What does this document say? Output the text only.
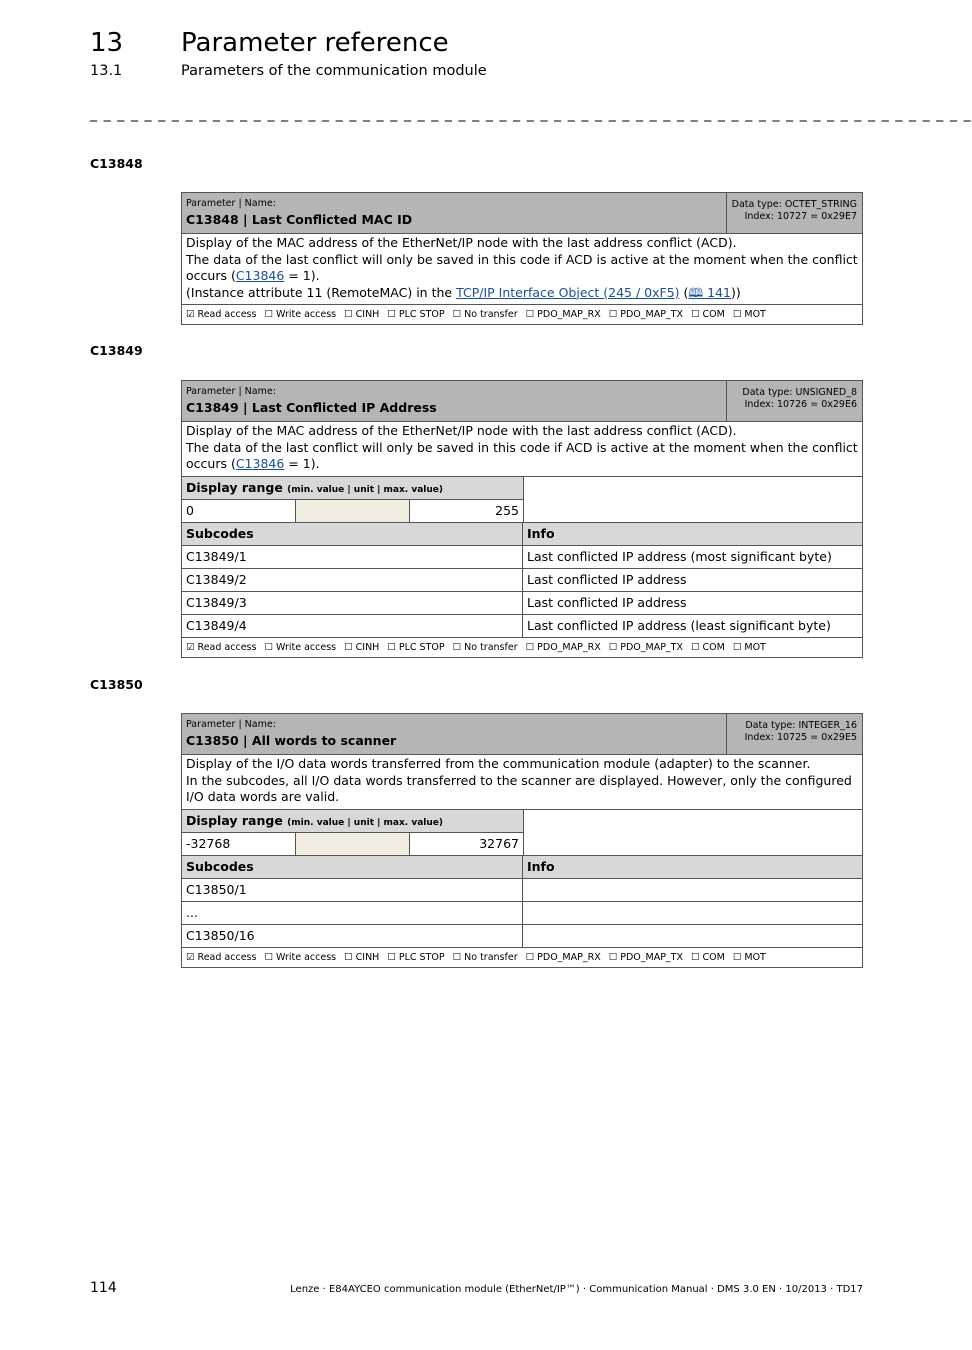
13 Parameter reference
13.1	Parameters of the communication module
_ _ _ _ _ _ _ _ _ _ _ _ _ _ _ _ _ _ _ _ _ _ _ _ _ _ _ _ _ _ _ _ _ _ _ _ _ _ _ _ _ _ _ _ _ _ _ _ _ _ _ _ _ _ _ _ _ _ _ _ _ _ _ _ _
C13848
Parameter | Name:
C13848 | Last Conflicted MAC ID
Data type: OCTET_STRING
Index: 10727 = 0x29E7

Display of the MAC address of the EtherNet/IP node with the last address conflict (ACD).

The data of the last conflict will only be saved in this code if ACD is active at the moment when the conflict occurs (C13846 = 1).

(Instance attribute 11 (RemoteMAC) in the TCP/IP Interface Object (245 / 0xF5) (🕮 141))

☑ Read access ☐ Write access ☐ CINH ☐ PLC STOP ☐ No transfer ☐ PDO_MAP_RX ☐ PDO_MAP_TX ☐ COM ☐ MOT
C13849
Parameter | Name:
C13849 | Last Conflicted IP Address
Data type: UNSIGNED_8
Index: 10726 = 0x29E6

Display of the MAC address of the EtherNet/IP node with the last address conflict (ACD).

The data of the last conflict will only be saved in this code if ACD is active at the moment when the conflict occurs (C13846 = 1).

Display range (min. value | unit | max. value)
0	255
Subcodes	Info
C13849/1	Last conflicted IP address (most significant byte)
C13849/2	Last conflicted IP address
C13849/3	Last conflicted IP address
C13849/4	Last conflicted IP address (least significant byte)
☑ Read access ☐ Write access ☐ CINH ☐ PLC STOP ☐ No transfer ☐ PDO_MAP_RX ☐ PDO_MAP_TX ☐ COM ☐ MOT
C13850
Parameter | Name:
C13850 | All words to scanner
Data type: INTEGER_16
Index: 10725 = 0x29E5

Display of the I/O data words transferred from the communication module (adapter) to the scanner.

In the subcodes, all I/O data words transferred to the scanner are displayed. However, only the configured I/O data words are valid.

Display range (min. value | unit | max. value)
-32768	32767
Subcodes	Info
C13850/1
...
C13850/16
☑ Read access ☐ Write access ☐ CINH ☐ PLC STOP ☐ No transfer ☐ PDO_MAP_RX ☐ PDO_MAP_TX ☐ COM ☐ MOT
114	Lenze · E84AYCEO communication module (EtherNet/IP™) · Communication Manual · DMS 3.0 EN · 10/2013 · TD17
